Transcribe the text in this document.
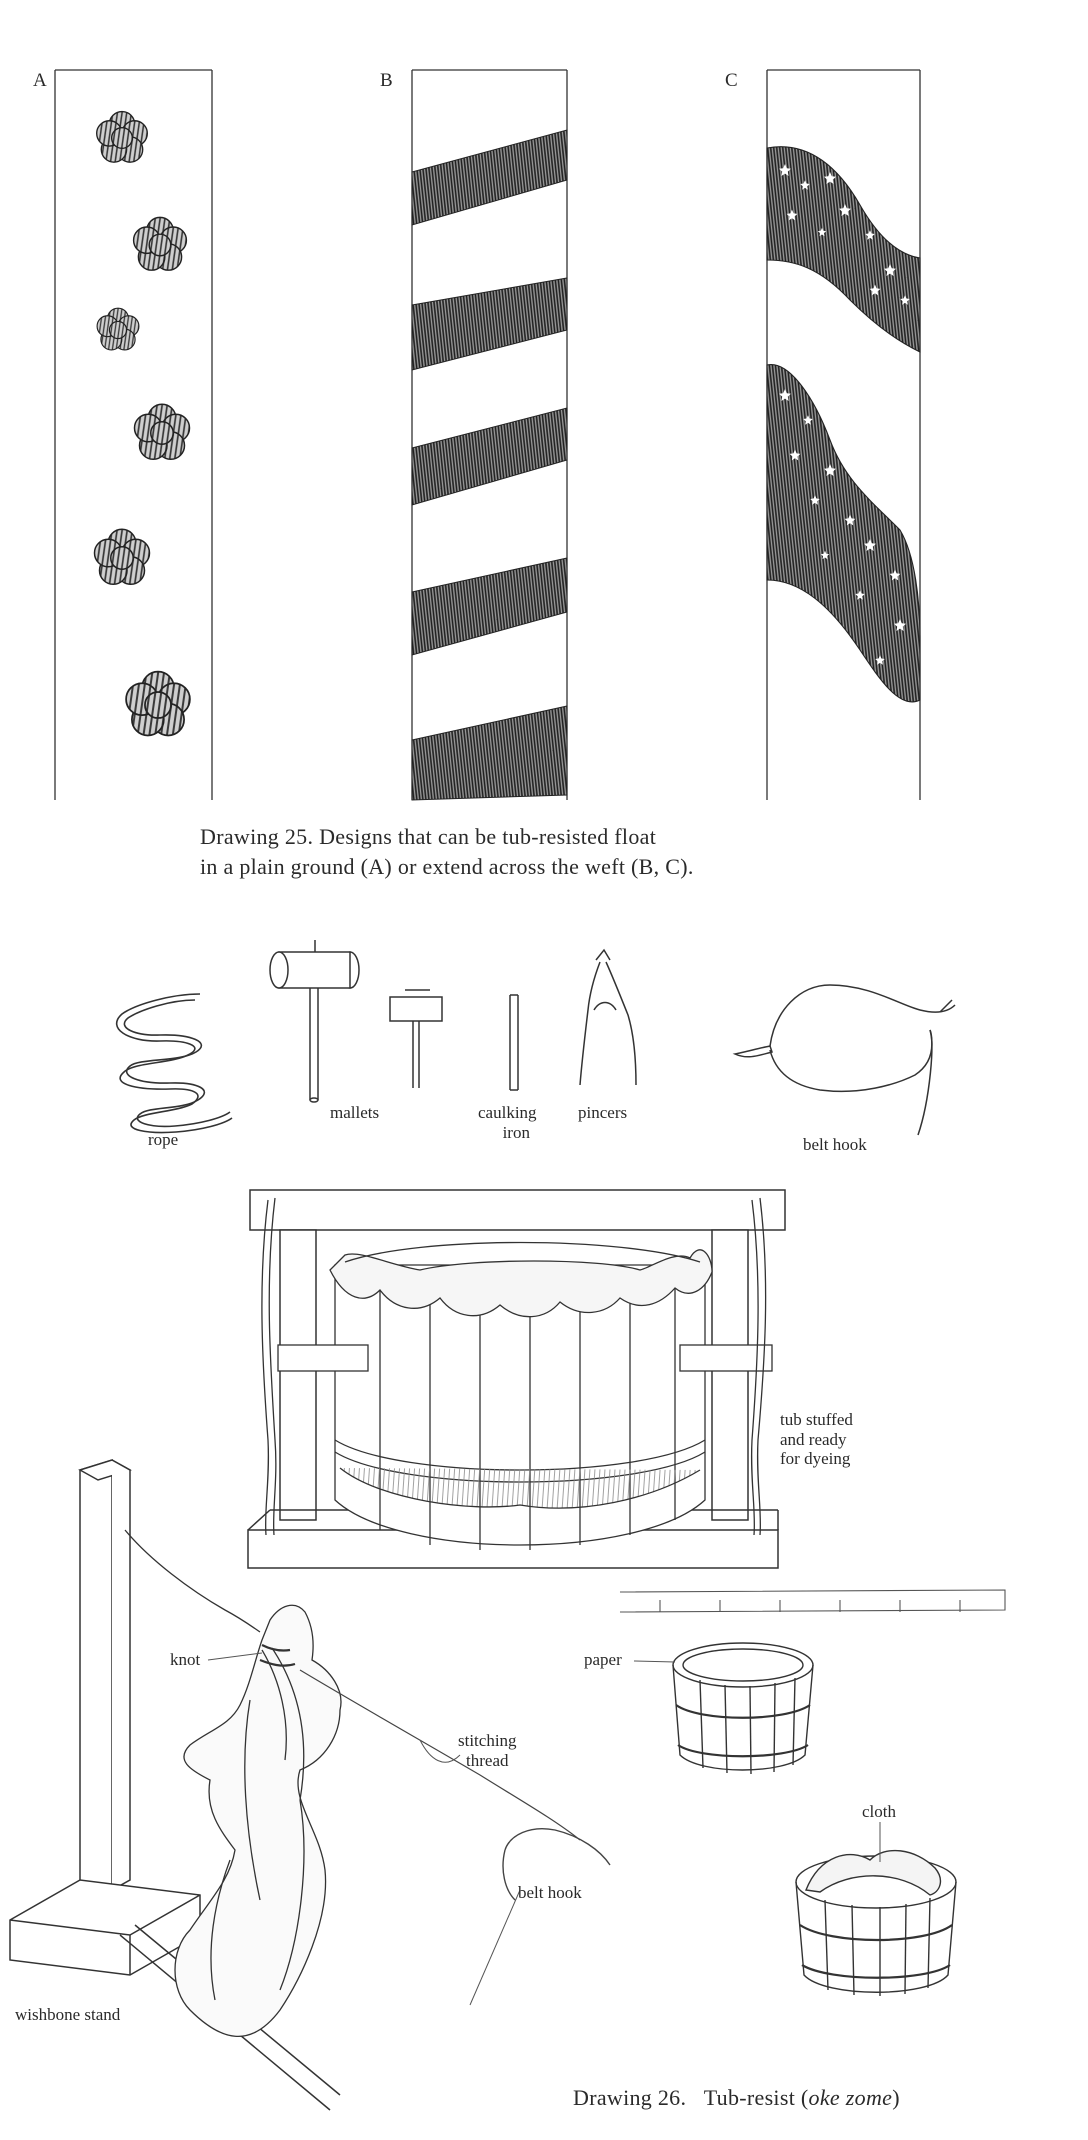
A	B	C
Drawing 25. Designs that can be tub-resisted float
in a plain ground (A) or extend across the weft (B, C).
rope
mallets	caulking
iron
pincers
belt hook
tub stuffed
and ready
for dyeing
knot
stitching
thread
belt hook
wishbone stand
paper
cloth
Drawing 26. Tub-resist (oke zome)
